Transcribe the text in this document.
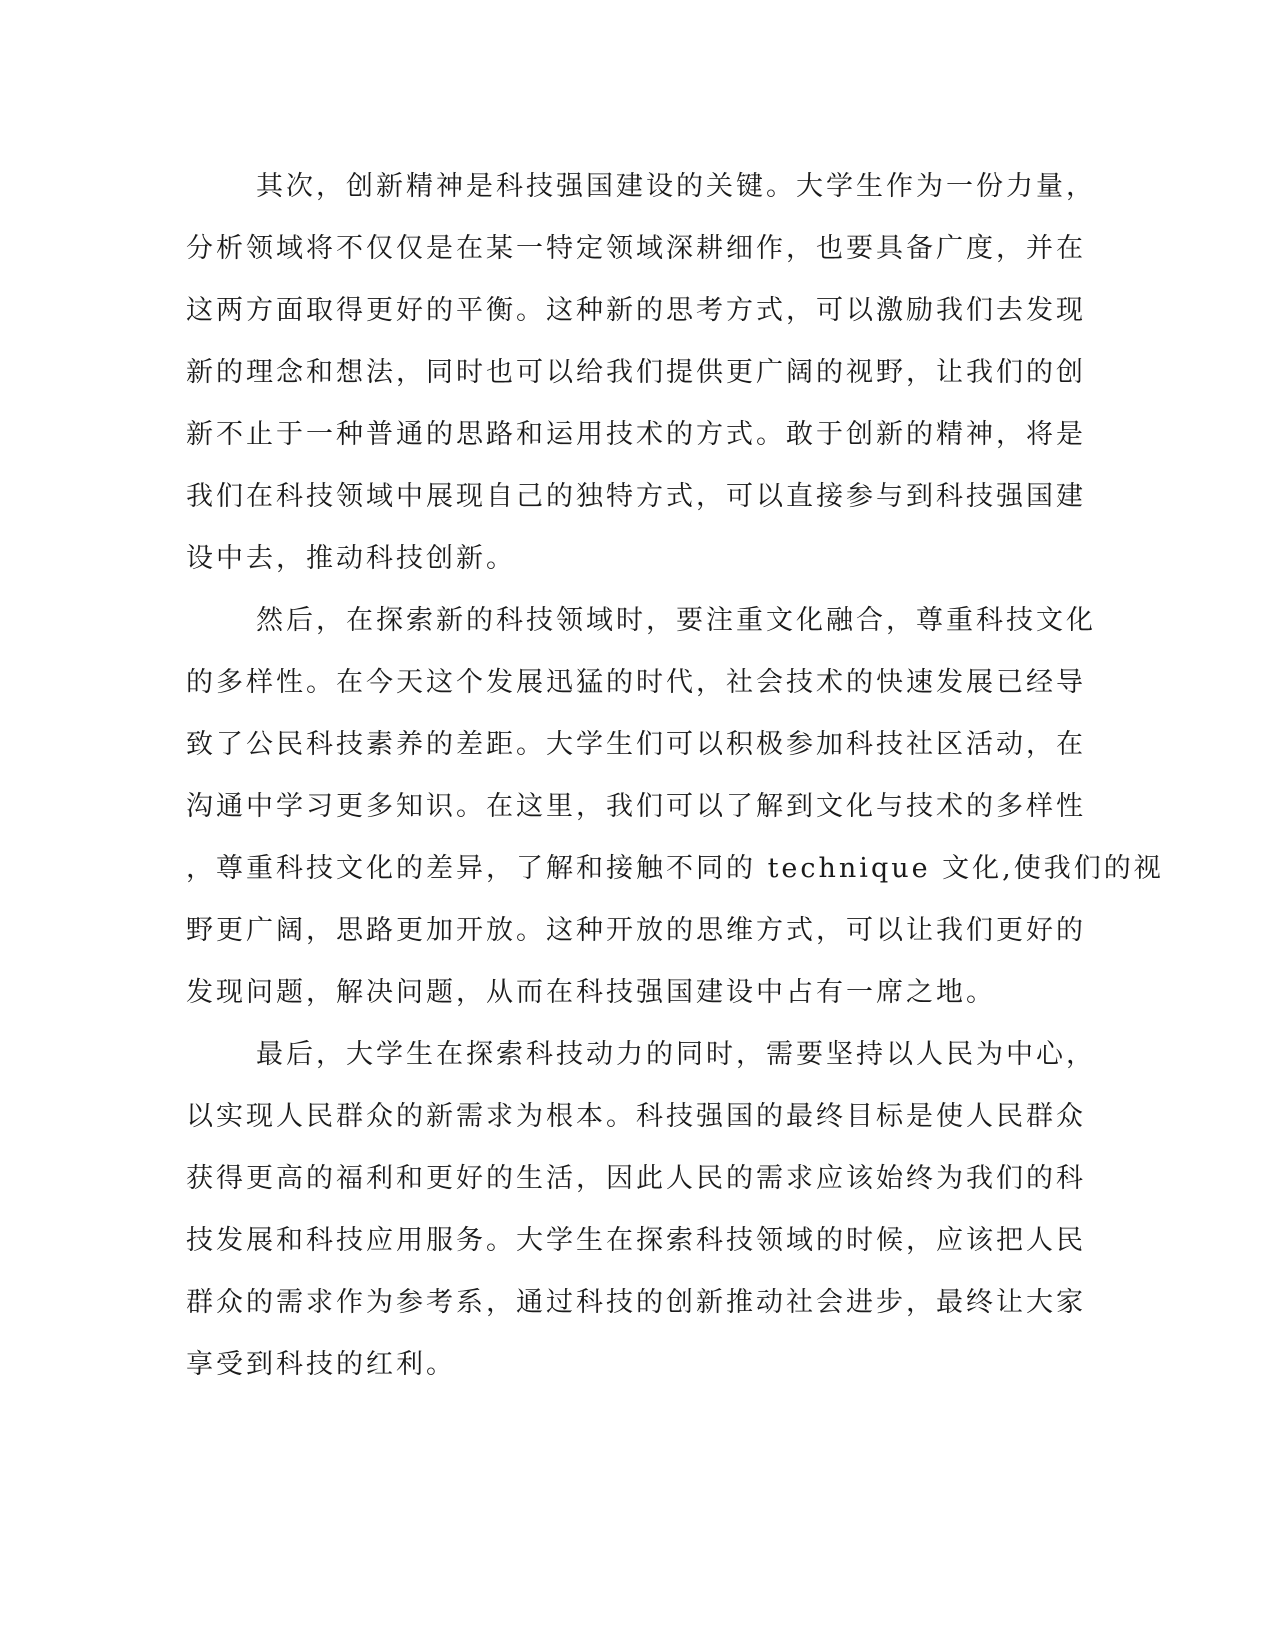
其次，创新精神是科技强国建设的关键。大学生作为一份力量，
分析领域将不仅仅是在某一特定领域深耕细作，也要具备广度，并在
这两方面取得更好的平衡。这种新的思考方式，可以激励我们去发现
新的理念和想法，同时也可以给我们提供更广阔的视野，让我们的创
新不止于一种普通的思路和运用技术的方式。敢于创新的精神，将是
我们在科技领域中展现自己的独特方式，可以直接参与到科技强国建
设中去，推动科技创新。
然后，在探索新的科技领域时，要注重文化融合，尊重科技文化
的多样性。在今天这个发展迅猛的时代，社会技术的快速发展已经导
致了公民科技素养的差距。大学生们可以积极参加科技社区活动，在
沟通中学习更多知识。在这里，我们可以了解到文化与技术的多样性
，尊重科技文化的差异，了解和接触不同的 technique 文化,使我们的视
野更广阔，思路更加开放。这种开放的思维方式，可以让我们更好的
发现问题，解决问题，从而在科技强国建设中占有一席之地。
最后，大学生在探索科技动力的同时，需要坚持以人民为中心，
以实现人民群众的新需求为根本。科技强国的最终目标是使人民群众
获得更高的福利和更好的生活，因此人民的需求应该始终为我们的科
技发展和科技应用服务。大学生在探索科技领域的时候，应该把人民
群众的需求作为参考系，通过科技的创新推动社会进步，最终让大家
享受到科技的红利。
